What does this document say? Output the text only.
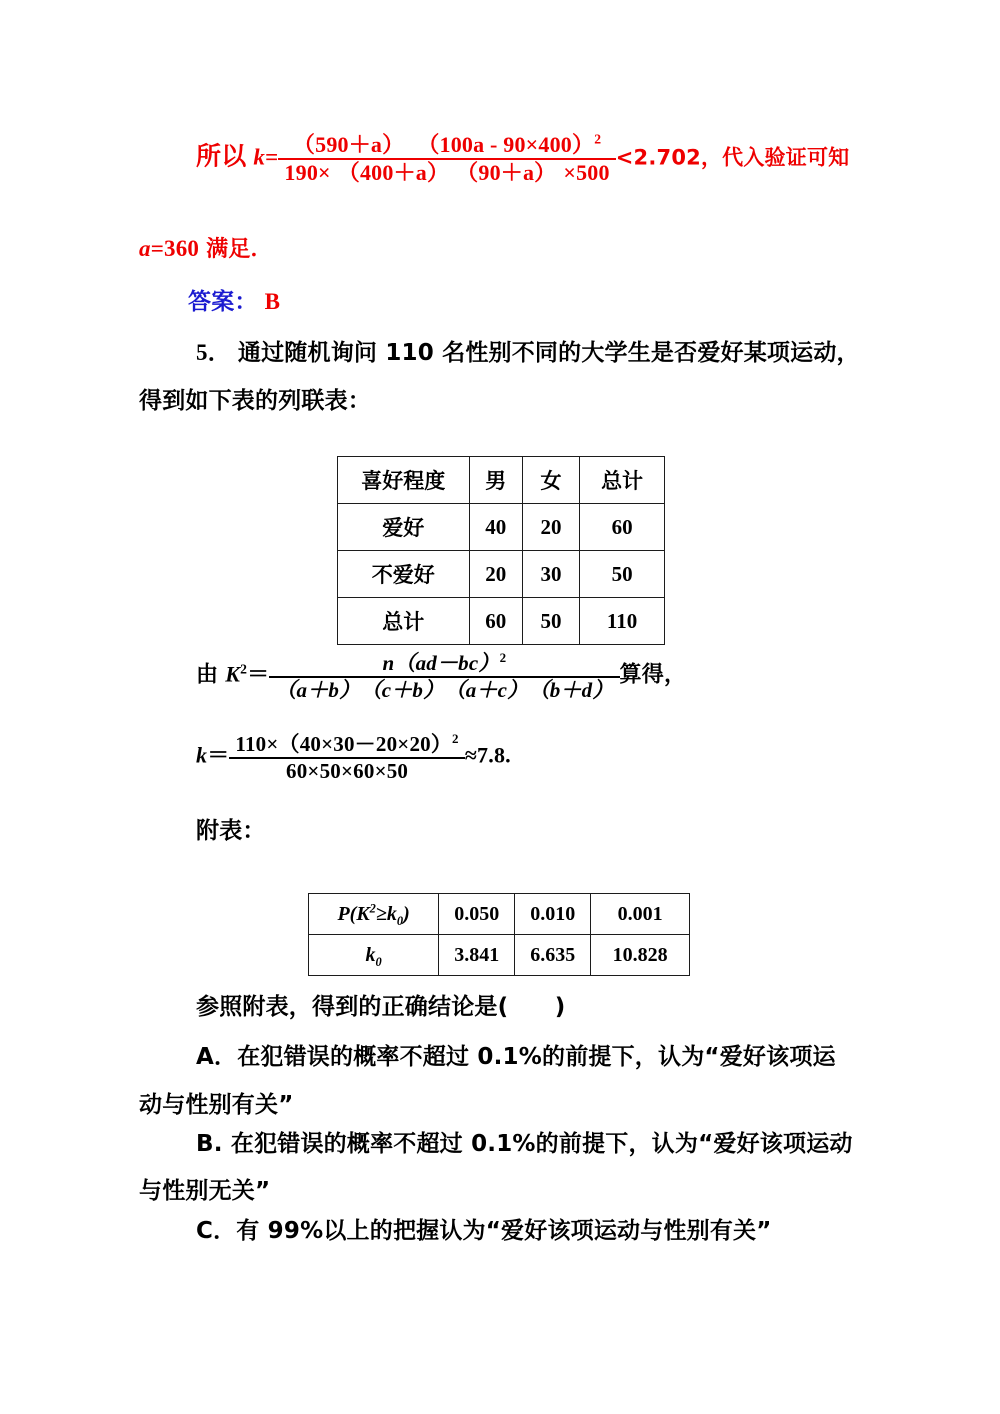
所以 $k= \frac{(590+a) (100a - 90\times 400)^2}{190\times (400+a) (90+a) \times 500} <2.702$，代入验证可知
a=360 满足．
答案： B
5． 通过随机询问 110 名性别不同的大学生是否爱好某项运动，
得到如下表的列联表：
喜好程度	男	女	总计
爱好	40	20	60
不爱好	20	30	50
总计	60	50	110
由 $K^2= \frac{n(ad-bc)^2}{(a+b) (c+b) (a+c) (b+d)}$ 算得，
$k= \frac{110\times(40\times 30-20\times 20)^2}{60\times 50\times 60\times 50} \approx 7.8$.
附表：
$P(K^2\ge k_0)$	0.050	0.010	0.001
$k_0$	3.841	6.635	10.828
参照附表，得到的正确结论是(　　)
A．在犯错误的概率不超过 0.1%的前提下，认为“爱好该项运
动与性别有关”
B. 在犯错误的概率不超过 0.1%的前提下，认为“爱好该项运动
与性别无关”
C．有 99%以上的把握认为“爱好该项运动与性别有关”
